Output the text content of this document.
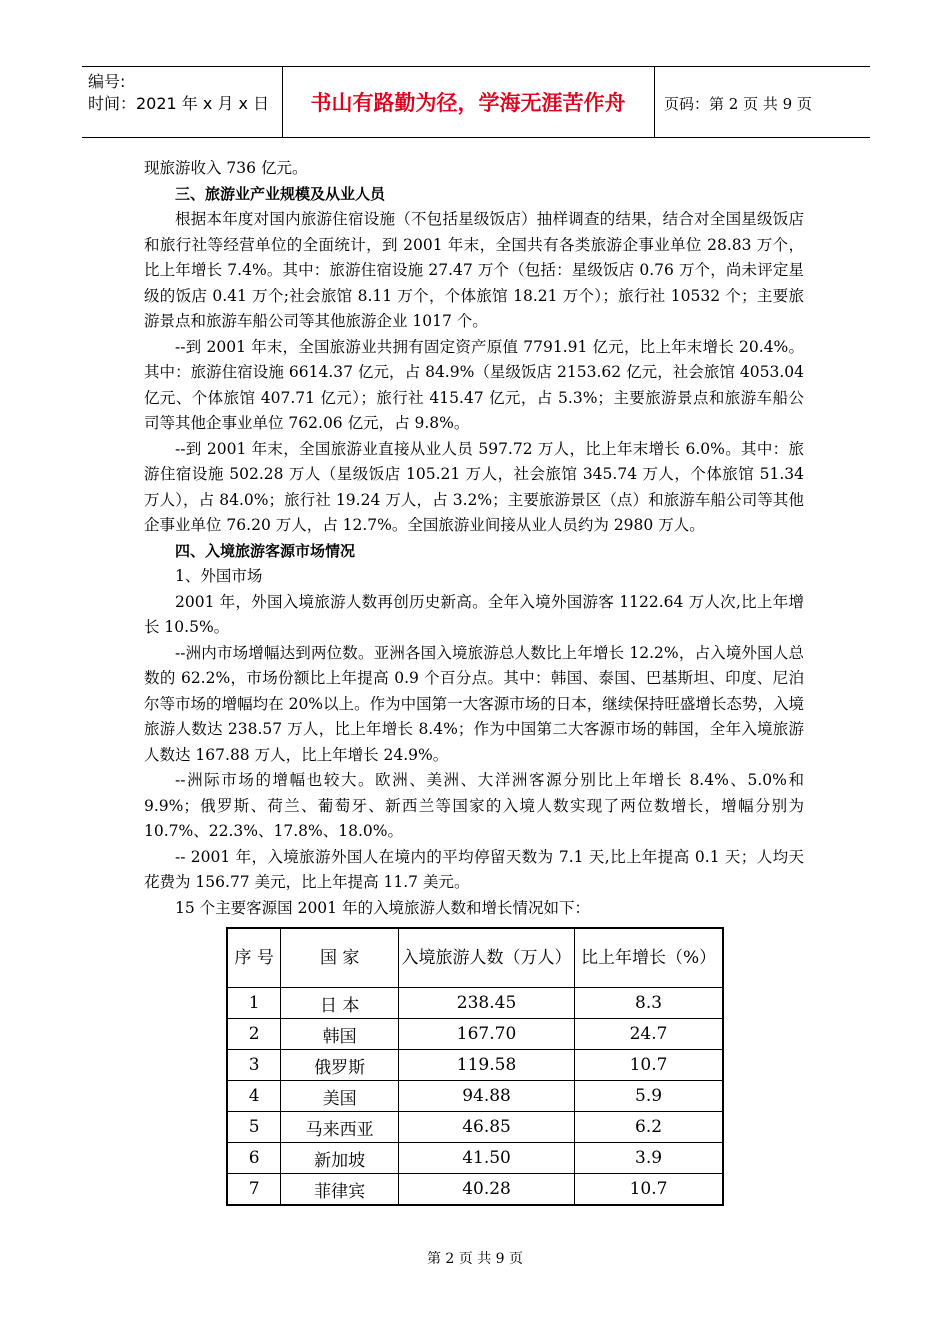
编号:
时间：2021 年 x 月 x 日	书山有路勤为径，学海无涯苦作舟	页码：第 2 页 共 9 页

现旅游收入 736 亿元。

三、旅游业产业规模及从业人员

根据本年度对国内旅游住宿设施（不包括星级饭店）抽样调查的结果，结合对全国星级饭店和旅行社等经营单位的全面统计，到 2001 年末，全国共有各类旅游企事业单位 28.83 万个，比上年增长 7.4%。其中：旅游住宿设施 27.47 万个（包括：星级饭店 0.76 万个，尚未评定星级的饭店 0.41 万个;社会旅馆 8.11 万个，个体旅馆 18.21 万个）；旅行社 10532 个；主要旅游景点和旅游车船公司等其他旅游企业 1017 个。

--到 2001 年末，全国旅游业共拥有固定资产原值 7791.91 亿元，比上年末增长 20.4%。其中：旅游住宿设施 6614.37 亿元，占 84.9%（星级饭店 2153.62 亿元，社会旅馆 4053.04 亿元、个体旅馆 407.71 亿元）；旅行社 415.47 亿元，占 5.3%；主要旅游景点和旅游车船公司等其他企事业单位 762.06 亿元，占 9.8%。

--到 2001 年末，全国旅游业直接从业人员 597.72 万人，比上年末增长 6.0%。其中：旅游住宿设施 502.28 万人（星级饭店 105.21 万人，社会旅馆 345.74 万人，个体旅馆 51.34 万人），占 84.0%；旅行社 19.24 万人，占 3.2%；主要旅游景区（点）和旅游车船公司等其他企事业单位 76.20 万人，占 12.7%。全国旅游业间接从业人员约为 2980 万人。

四、入境旅游客源市场情况

1、外国市场

2001 年，外国入境旅游人数再创历史新高。全年入境外国游客 1122.64 万人次,比上年增长 10.5%。

--洲内市场增幅达到两位数。亚洲各国入境旅游总人数比上年增长 12.2%，占入境外国人总数的 62.2%，市场份额比上年提高 0.9 个百分点。其中：韩国、泰国、巴基斯坦、印度、尼泊尔等市场的增幅均在 20%以上。作为中国第一大客源市场的日本，继续保持旺盛增长态势，入境旅游人数达 238.57 万人，比上年增长 8.4%；作为中国第二大客源市场的韩国，全年入境旅游人数达 167.88 万人，比上年增长 24.9%。

--洲际市场的增幅也较大。欧洲、美洲、大洋洲客源分别比上年增长 8.4%、5.0%和 9.9%；俄罗斯、荷兰、葡萄牙、新西兰等国家的入境人数实现了两位数增长，增幅分别为 10.7%、22.3%、17.8%、18.0%。

-- 2001 年，入境旅游外国人在境内的平均停留天数为 7.1 天,比上年提高 0.1 天；人均天花费为 156.77 美元，比上年提高 11.7 美元。

15 个主要客源国 2001 年的入境旅游人数和增长情况如下：

序 号	国 家	入境旅游人数（万人）	比上年增长（%）
1	日 本	238.45	8.3
2	韩国	167.70	24.7
3	俄罗斯	119.58	10.7
4	美国	94.88	5.9
5	马来西亚	46.85	6.2
6	新加坡	41.50	3.9
7	菲律宾	40.28	10.7
第 2 页 共 9 页
